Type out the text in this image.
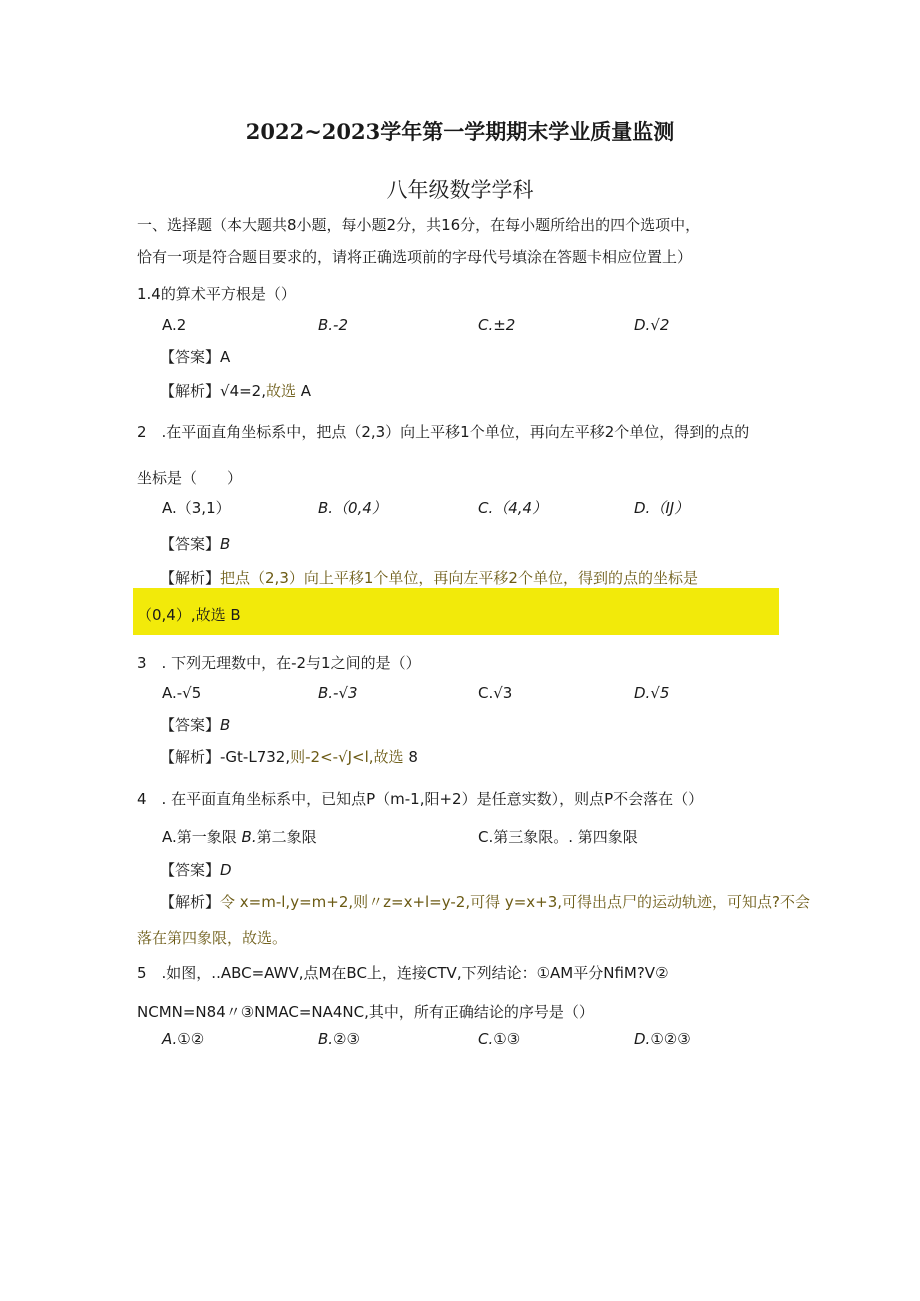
2022~2023学年第一学期期末学业质量监测
八年级数学学科
一、选择题（本大题共8小题，每小题2分，共16分，在每小题所给出的四个选项中，
恰有一项是符合题目要求的，请将正确选项前的字母代号填涂在答题卡相应位置上）
1.4的算术平方根是（）
A.2	B.-2	C.±2	D.√2
【答案】A
【解析】√4=2,故选 A
2　.在平面直角坐标系中，把点（2,3）向上平移1个单位，再向左平移2个单位，得到的点的
坐标是（　　）
A.（3,1）	B.（0,4）	C.（4,4）	D.（IJ）
【答案】B
【解析】把点（2,3）向上平移1个单位，再向左平移2个单位，得到的点的坐标是
（0,4）,故选 B
3　. 下列无理数中，在-2与1之间的是（）
A.-√5	B.-√3	C.√3	D.√5
【答案】B
【解析】-Gt-L732,则-2<-√J<l,故选 8
4　. 在平面直角坐标系中，已知点P（m-1,阳+2）是任意实数），则点P不会落在（）
A.第一象限 B.第二象限	C.第三象限。. 第四象限
【答案】D
【解析】令 x=m-l,y=m+2,则〃z=x+l=y-2,可得 y=x+3,可得出点尸的运动轨迹，可知点?不会
落在第四象限，故选。
5　.如图，..ABC=AWV,点M在BC上，连接CTV,下列结论：①AM平分NfiM?V②
NCMN=N84〃③NMAC=NA4NC,其中，所有正确结论的序号是（）
A.①②	B.②③	C.①③	D.①②③
